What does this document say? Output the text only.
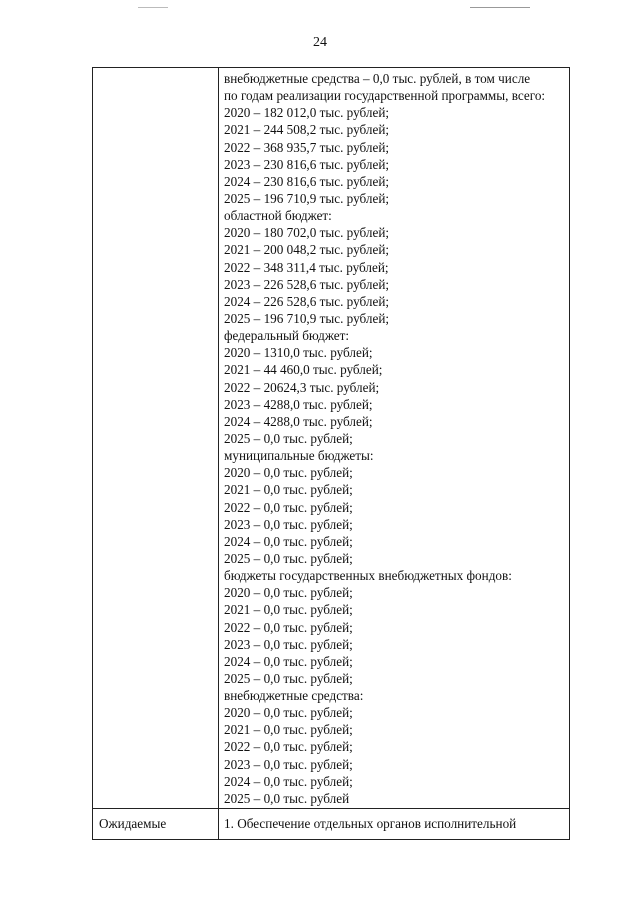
24
внебюджетные средства – 0,0 тыс. рублей, в том числе
по годам реализации государственной программы, всего:
2020 – 182 012,0 тыс. рублей;
2021 – 244 508,2 тыс. рублей;
2022 – 368 935,7 тыс. рублей;
2023 – 230 816,6 тыс. рублей;
2024 – 230 816,6 тыс. рублей;
2025 – 196 710,9 тыс. рублей;
областной бюджет:
2020 – 180 702,0 тыс. рублей;
2021 – 200 048,2 тыс. рублей;
2022 – 348 311,4 тыс. рублей;
2023 – 226 528,6 тыс. рублей;
2024 – 226 528,6 тыс. рублей;
2025 – 196 710,9 тыс. рублей;
федеральный бюджет:
2020 – 1310,0 тыс. рублей;
2021 – 44 460,0 тыс. рублей;
2022 – 20624,3 тыс. рублей;
2023 – 4288,0 тыс. рублей;
2024 – 4288,0 тыс. рублей;
2025 – 0,0 тыс. рублей;
муниципальные бюджеты:
2020 – 0,0 тыс. рублей;
2021 – 0,0 тыс. рублей;
2022 – 0,0 тыс. рублей;
2023 – 0,0 тыс. рублей;
2024 – 0,0 тыс. рублей;
2025 – 0,0 тыс. рублей;
бюджеты государственных внебюджетных фондов:
2020 – 0,0 тыс. рублей;
2021 – 0,0 тыс. рублей;
2022 – 0,0 тыс. рублей;
2023 – 0,0 тыс. рублей;
2024 – 0,0 тыс. рублей;
2025 – 0,0 тыс. рублей;
внебюджетные средства:
2020 – 0,0 тыс. рублей;
2021 – 0,0 тыс. рублей;
2022 – 0,0 тыс. рублей;
2023 – 0,0 тыс. рублей;
2024 – 0,0 тыс. рублей;
2025 – 0,0 тыс. рублей
Ожидаемые	1. Обеспечение отдельных органов исполнительной
